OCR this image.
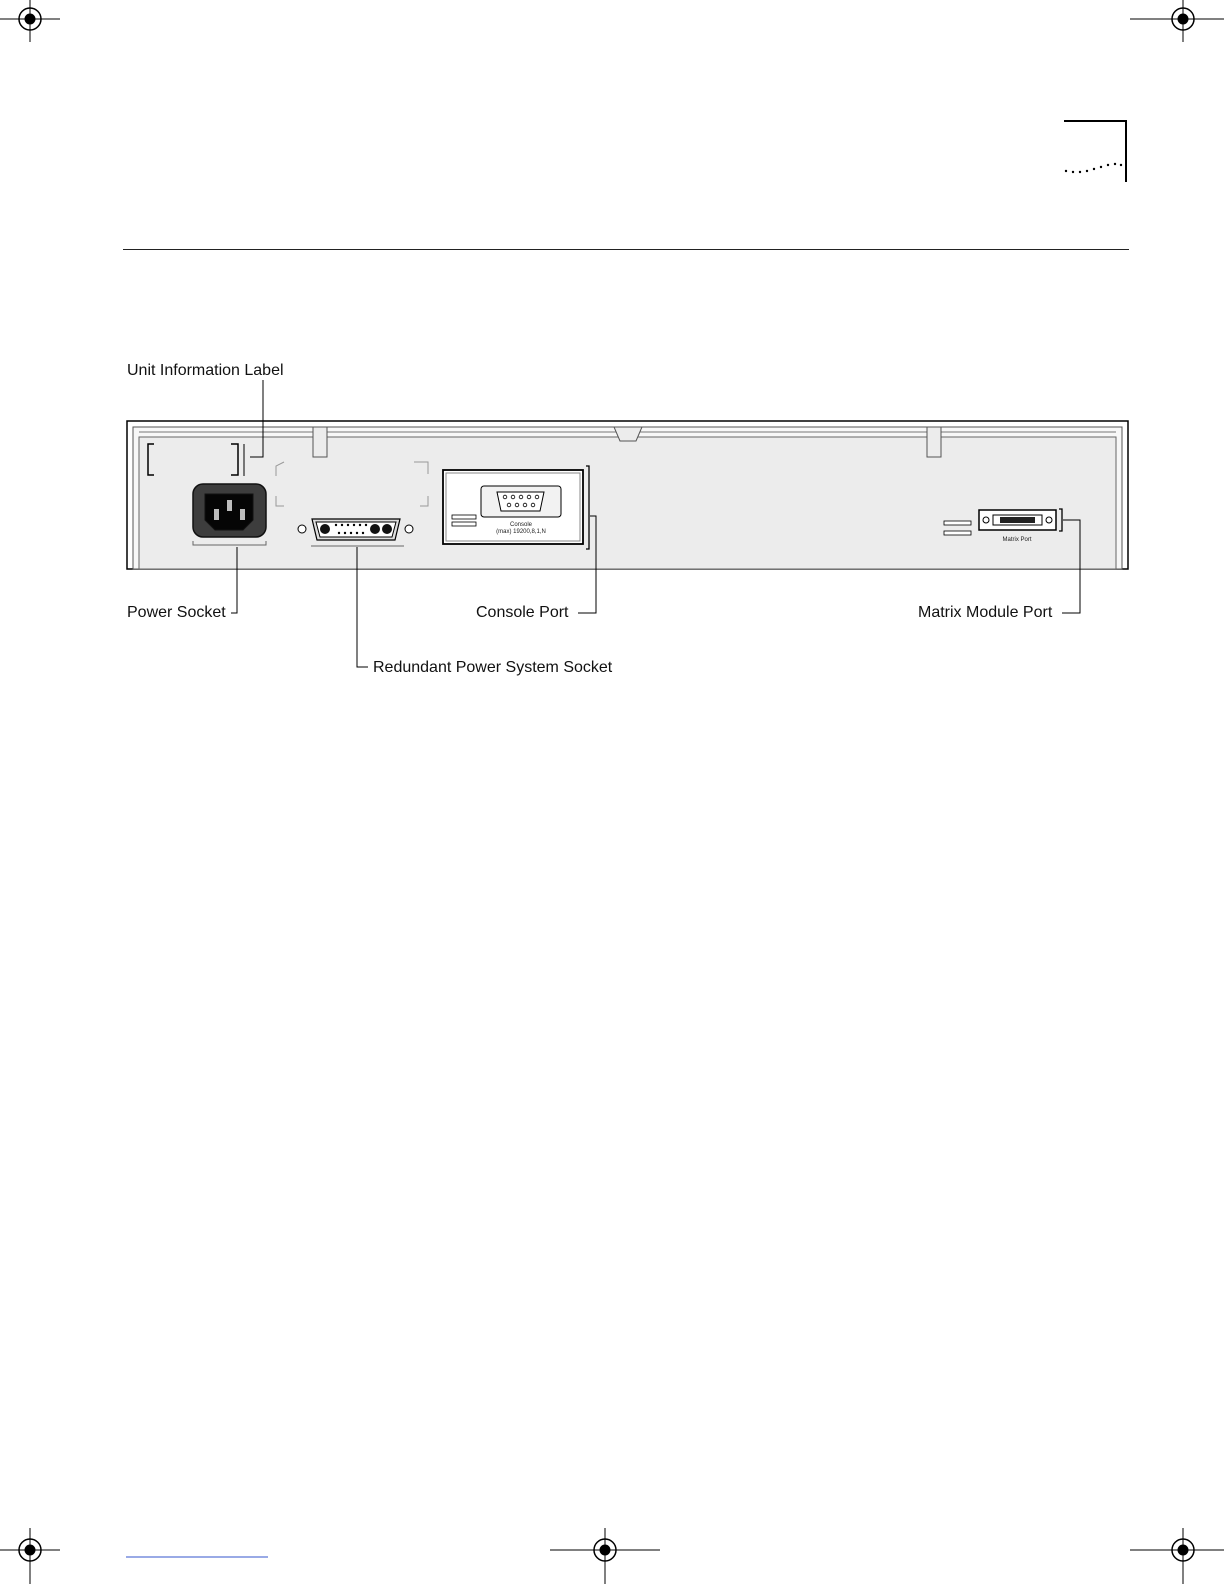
Console
(max) 19200,8,1,N
Matrix Port
Unit Information Label
Power Socket	Console Port	Matrix Module Port
Redundant Power System Socket
